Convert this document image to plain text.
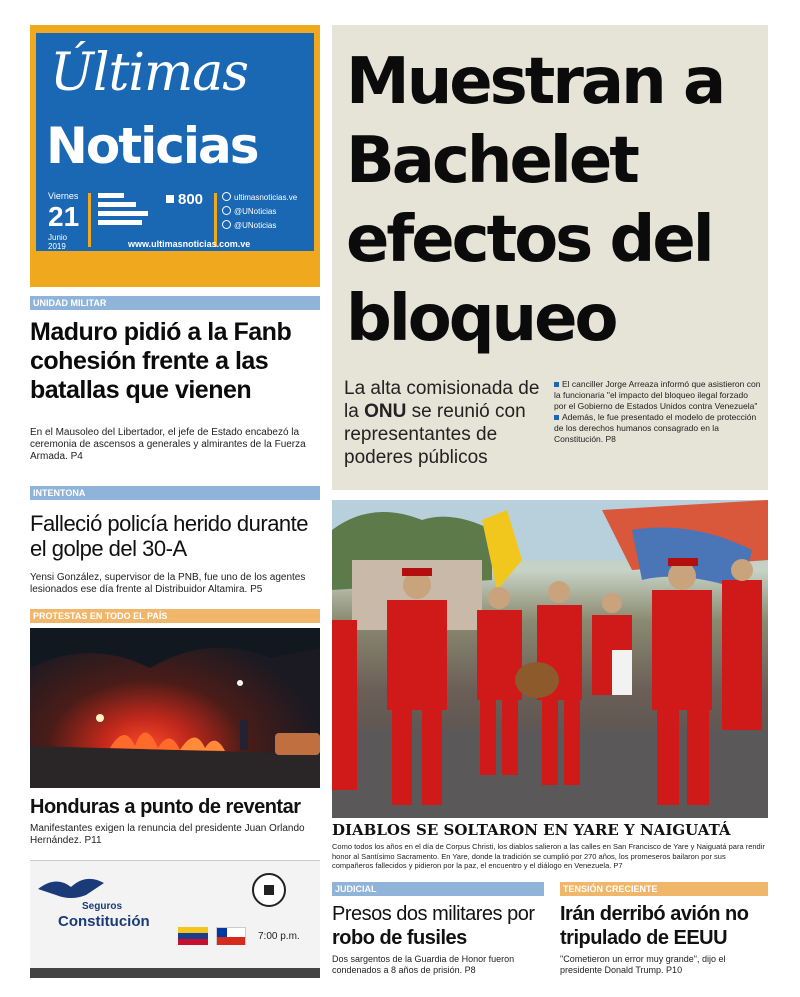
Últimas
Noticias
Viernes
21
Junio 2019
800	ultimasnoticias.ve
@UNoticias
@UNoticias
www.ultimasnoticias.com.ve
Muestran a Bachelet efectos del bloqueo
La alta comisionada de la ONU se reunió con representantes de poderes públicos
El canciller Jorge Arreaza informó que asistieron con la funcionaria "el impacto del bloqueo ilegal forzado por el Gobierno de Estados Unidos contra Venezuela"
Además, le fue presentado el modelo de protección de los derechos humanos consagrado en la Constitución. P8
UNIDAD MILITAR
Maduro pidió a la Fanb cohesión frente a las batallas que vienen
En el Mausoleo del Libertador, el jefe de Estado encabezó la ceremonia de ascensos a generales y almirantes de la Fuerza Armada. P4
INTENTONA
Falleció policía herido durante el golpe del 30-A
Yensi González, supervisor de la PNB, fue uno de los agentes lesionados ese día frente al Distribuidor Altamira. P5
PROTESTAS EN TODO EL PAÍS
Honduras a punto de reventar
Manifestantes exigen la renuncia del presidente Juan Orlando Hernández. P11
DIABLOS SE SOLTARON EN YARE Y NAIGUATÁ
Como todos los años en el día de Corpus Christi, los diablos salieron a las calles en San Francisco de Yare y Naiguatá para rendir honor al Santísimo Sacramento. En Yare, donde la tradición se cumplió por 270 años, los promeseros bailaron por sus compañeros fallecidos y pidieron por la paz, el encuentro y el diálogo en Venezuela. P7
JUDICIAL
Presos dos militares por robo de fusiles
Dos sargentos de la Guardia de Honor fueron condenados a 8 años de prisión. P8
TENSIÓN CRECIENTE
Irán derribó avión no tripulado de EEUU
"Cometieron un error muy grande", dijo el presidente Donald Trump. P10
Seguros
Constitución
7:00 p.m.
